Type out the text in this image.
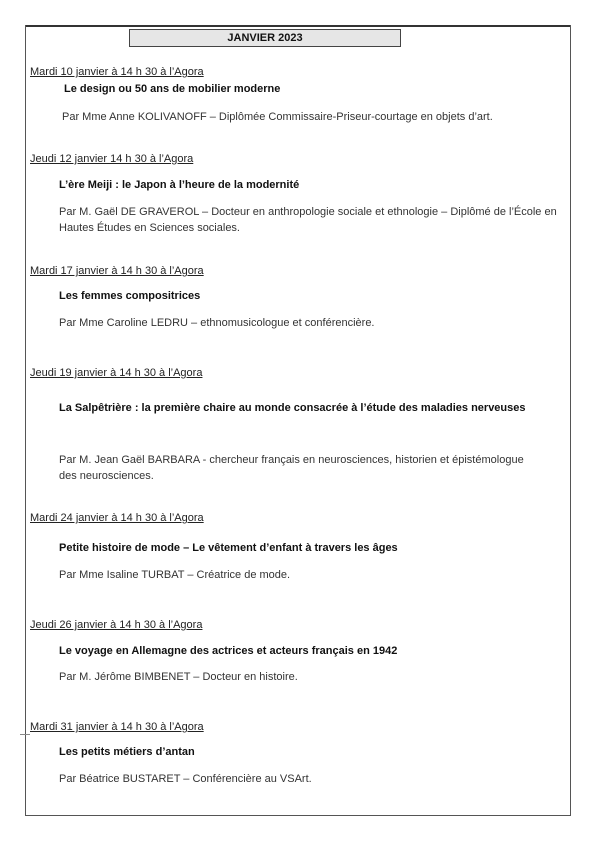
JANVIER 2023
Mardi 10 janvier à 14 h 30 à l’Agora
Le design ou 50 ans de mobilier moderne
Par Mme Anne KOLIVANOFF – Diplômée Commissaire-Priseur-courtage en objets d’art.
Jeudi 12 janvier 14 h 30 à l’Agora
L’ère Meiji : le Japon à l’heure de la modernité
Par M. Gaël DE GRAVEROL – Docteur en anthropologie sociale et ethnologie – Diplômé de l’École en Hautes Études en Sciences sociales.
Mardi 17 janvier à 14 h 30 à l’Agora
Les femmes compositrices
Par Mme Caroline LEDRU – ethnomusicologue et conférencière.
Jeudi 19 janvier à 14 h 30 à l’Agora
La Salpêtrière : la première chaire au monde consacrée à l’étude des maladies nerveuses
Par M. Jean Gaël BARBARA - chercheur français en neurosciences, historien et épistémologue des neurosciences.
Mardi 24 janvier à 14 h 30 à l’Agora
Petite histoire de mode – Le vêtement d’enfant à travers les âges
Par Mme Isaline TURBAT – Créatrice de mode.
Jeudi 26 janvier à 14 h 30 à l’Agora
Le voyage en Allemagne des actrices et acteurs français en 1942
Par M. Jérôme BIMBENET – Docteur en histoire.
Mardi 31 janvier à 14 h 30 à l’Agora
Les petits métiers d’antan
Par Béatrice BUSTARET – Conférencière au VSArt.
